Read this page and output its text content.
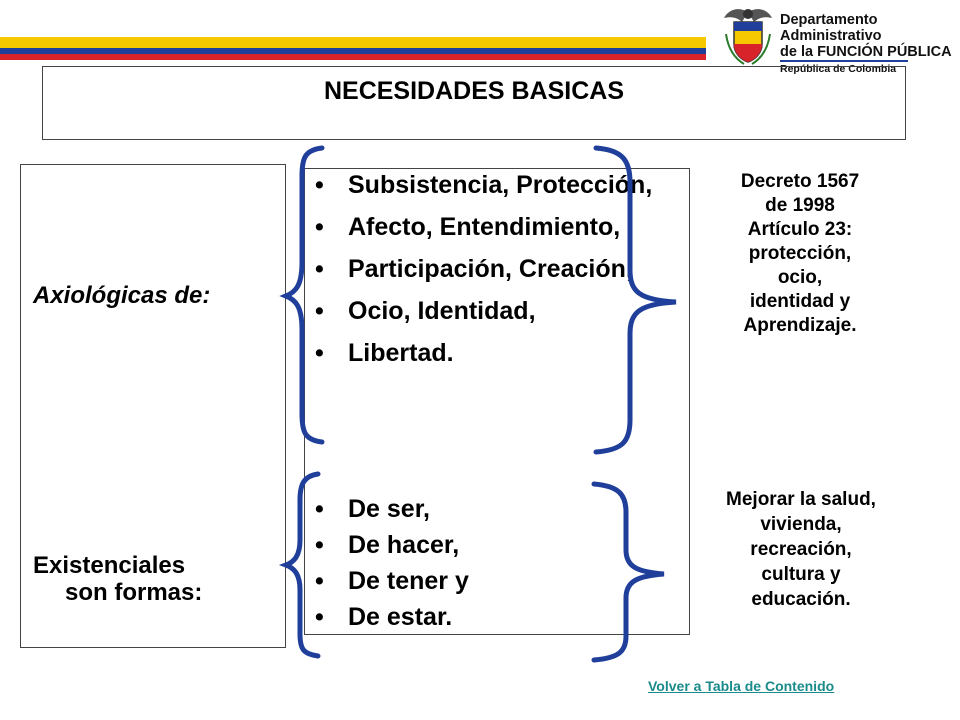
Departamento Administrativo
de la FUNCIÓN PÚBLICA
República de Colombia
NECESIDADES BASICAS
Axiológicas de:
Existenciales
son formas:
• Subsistencia, Protección,
• Afecto, Entendimiento,
• Participación, Creación,
• Ocio, Identidad,
• Libertad.
• De ser,
• De hacer,
• De tener y
• De estar.
Decreto 1567
de 1998
Artículo 23:
protección,
ocio,
identidad y
Aprendizaje.
Mejorar la salud,
vivienda,
recreación,
cultura y
educación.
Volver a Tabla de Contenido
